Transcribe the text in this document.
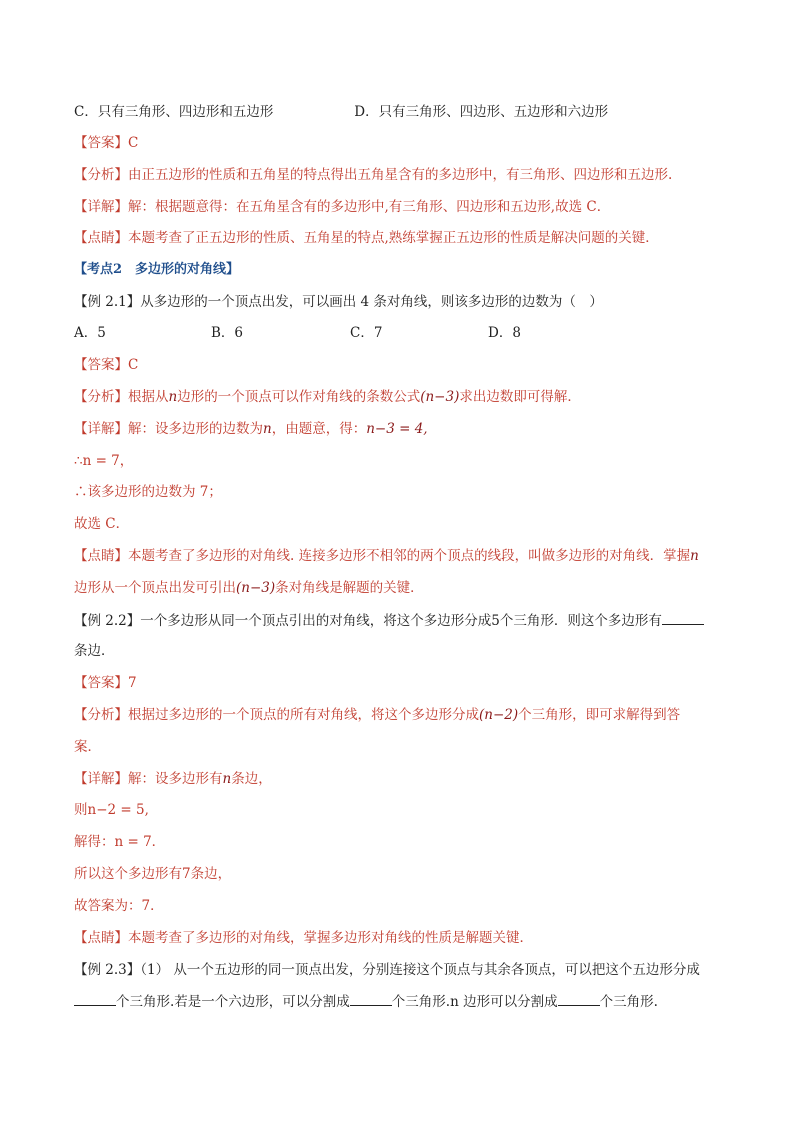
C．只有三角形、四边形和五边形	D．只有三角形、四边形、五边形和六边形
【答案】C
【分析】由正五边形的性质和五角星的特点得出五角星含有的多边形中，有三角形、四边形和五边形.
【详解】解：根据题意得：在五角星含有的多边形中,有三角形、四边形和五边形,故选 C．
【点睛】本题考查了正五边形的性质、五角星的特点,熟练掌握正五边形的性质是解决问题的关键．
【考点2　多边形的对角线】
【例 2.1】从多边形的一个顶点出发，可以画出 4 条对角线，则该多边形的边数为（　）
A．5	B．6	C．7	D．8
【答案】C
【分析】根据从n边形的一个顶点可以作对角线的条数公式(n−3)求出边数即可得解．
【详解】解：设多边形的边数为n，由题意，得：n−3 = 4,
∴n = 7，
∴该多边形的边数为 7；
故选 C．
【点睛】本题考查了多边形的对角线. 连接多边形不相邻的两个顶点的线段，叫做多边形的对角线．掌握n
边形从一个顶点出发可引出(n−3)条对角线是解题的关键．
【例 2.2】一个多边形从同一个顶点引出的对角线，将这个多边形分成5个三角形．则这个多边形有
条边．
【答案】7
【分析】根据过多边形的一个顶点的所有对角线，将这个多边形分成(n−2)个三角形，即可求解得到答
案．
【详解】解：设多边形有n条边，
则n−2 = 5,
解得：n = 7．
所以这个多边形有7条边，
故答案为：7．
【点睛】本题考查了多边形的对角线，掌握多边形对角线的性质是解题关键．
【例 2.3】（1） 从一个五边形的同一顶点出发，分别连接这个顶点与其余各顶点，可以把这个五边形分成
个三角形.若是一个六边形，可以分割成	个三角形.n 边形可以分割成	个三角形.
